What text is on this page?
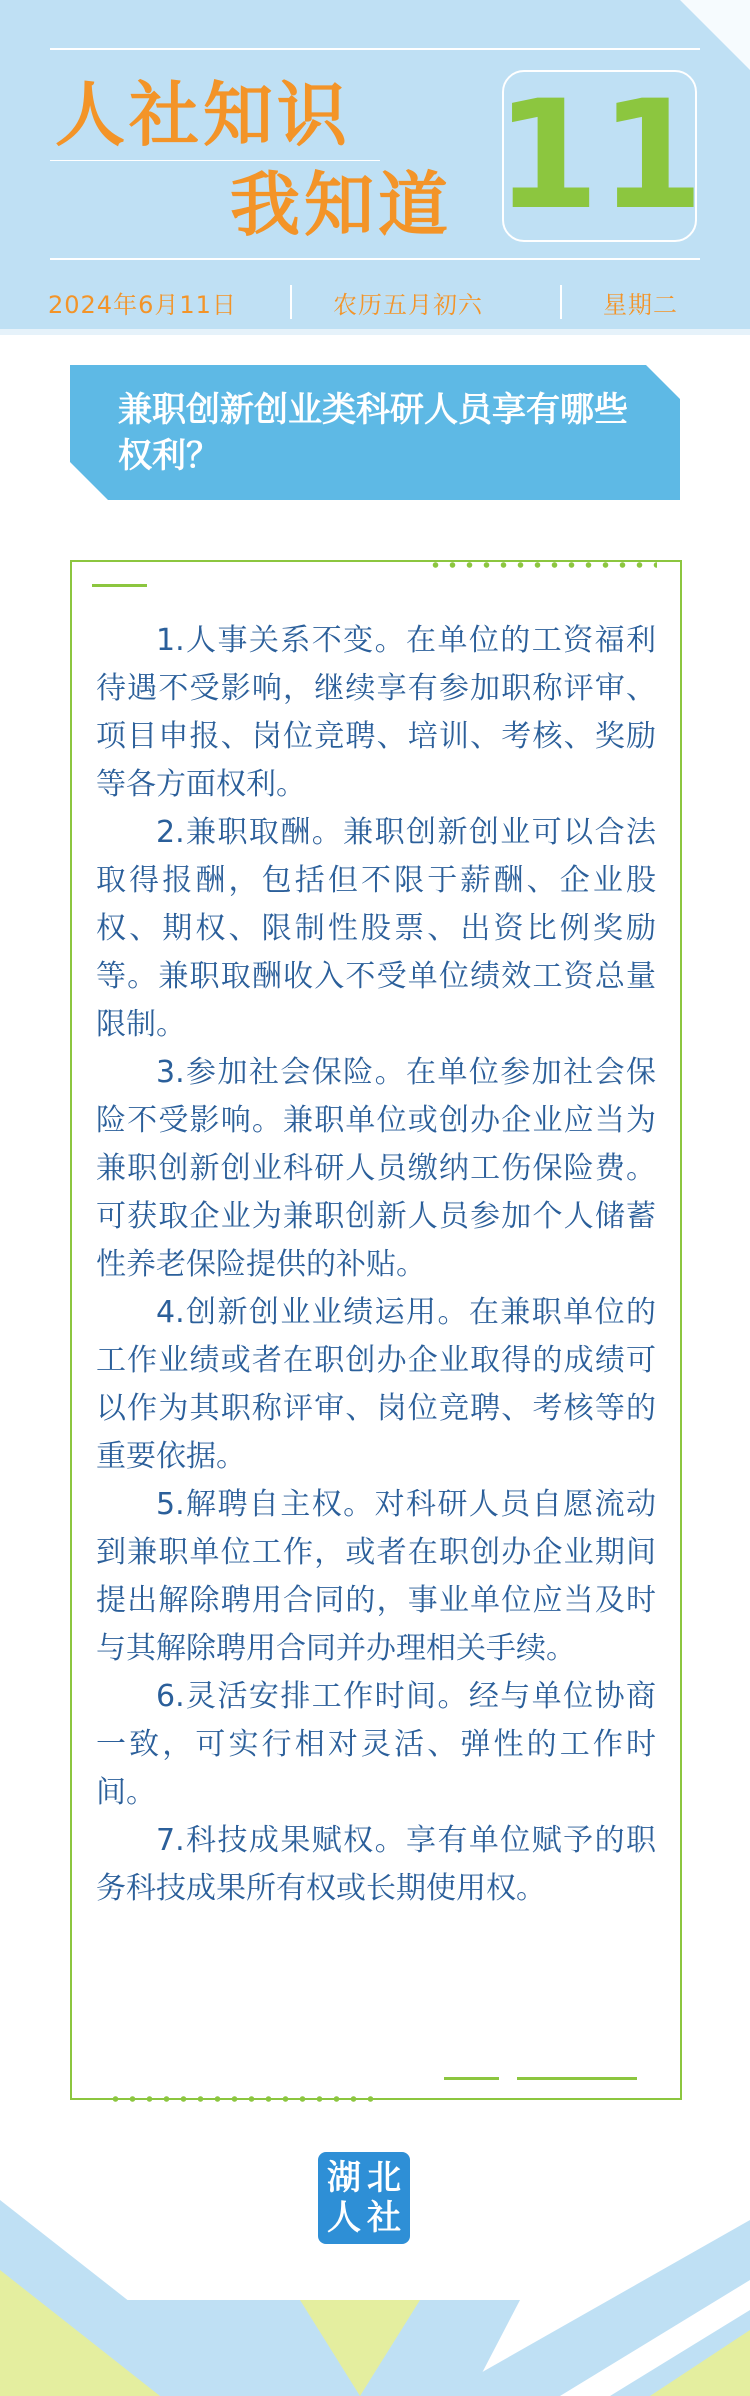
人社知识
我知道 11
2024年6月11日	农历五月初六	星期二
兼职创新创业类科研人员享有哪些权利？

1.人事关系不变。在单位的工资福利待遇不受影响，继续享有参加职称评审、项目申报、岗位竞聘、培训、考核、奖励等各方面权利。

2.兼职取酬。兼职创新创业可以合法取得报酬，包括但不限于薪酬、企业股权、期权、限制性股票、出资比例奖励等。兼职取酬收入不受单位绩效工资总量限制。

3.参加社会保险。在单位参加社会保险不受影响。兼职单位或创办企业应当为兼职创新创业科研人员缴纳工伤保险费。可获取企业为兼职创新人员参加个人储蓄性养老保险提供的补贴。

4.创新创业业绩运用。在兼职单位的工作业绩或者在职创办企业取得的成绩可以作为其职称评审、岗位竞聘、考核等的重要依据。

5.解聘自主权。对科研人员自愿流动到兼职单位工作，或者在职创办企业期间提出解除聘用合同的，事业单位应当及时与其解除聘用合同并办理相关手续。

6.灵活安排工作时间。经与单位协商一致，可实行相对灵活、弹性的工作时间。

7.科技成果赋权。享有单位赋予的职务科技成果所有权或长期使用权。

湖 北
人 社
